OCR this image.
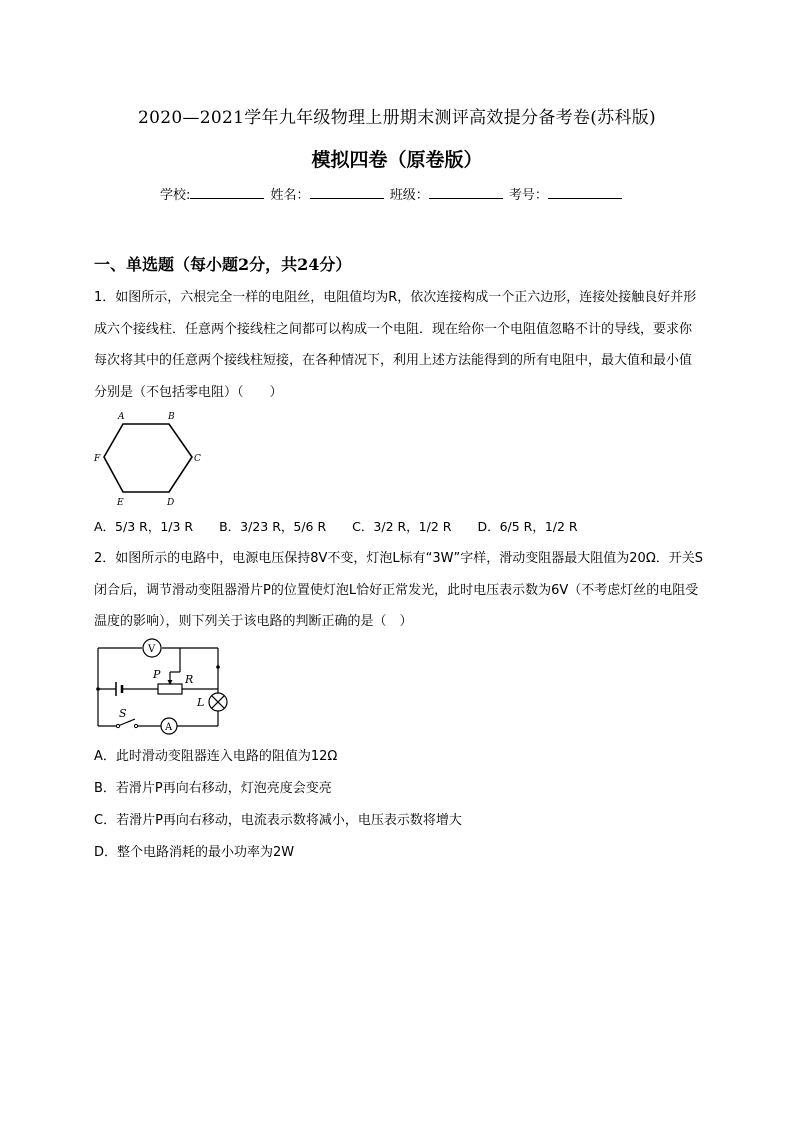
2020—2021学年九年级物理上册期末测评高效提分备考卷(苏科版)
模拟四卷（原卷版）
学校:	姓名：	班级：	考号：
一、单选题（每小题2分，共24分）
1．如图所示，六根完全一样的电阻丝，电阻值均为R，依次连接构成一个正六边形，连接处接触良好并形成六个接线柱．任意两个接线柱之间都可以构成一个电阻．现在给你一个电阻值忽略不计的导线，要求你每次将其中的任意两个接线柱短接，在各种情况下，利用上述方法能得到的所有电阻中，最大值和最小值分别是（不包括零电阻）（　　）
A	B
C
D
E
F
A．5/3 R，1/3 R B．3/23 R，5/6 R C．3/2 R，1/2 R D．6/5 R，1/2 R
2．如图所示的电路中，电源电压保持8V不变，灯泡L标有“3W”字样，滑动变阻器最大阻值为20Ω．开关S闭合后，调节滑动变阻器滑片P的位置使灯泡L恰好正常发光，此时电压表示数为6V（不考虑灯丝的电阻受温度的影响），则下列关于该电路的判断正确的是（　）
V
A
P R
L
S
A．此时滑动变阻器连入电路的阻值为12Ω
B．若滑片P再向右移动，灯泡亮度会变亮
C．若滑片P再向右移动，电流表示数将减小，电压表示数将增大
D．整个电路消耗的最小功率为2W
